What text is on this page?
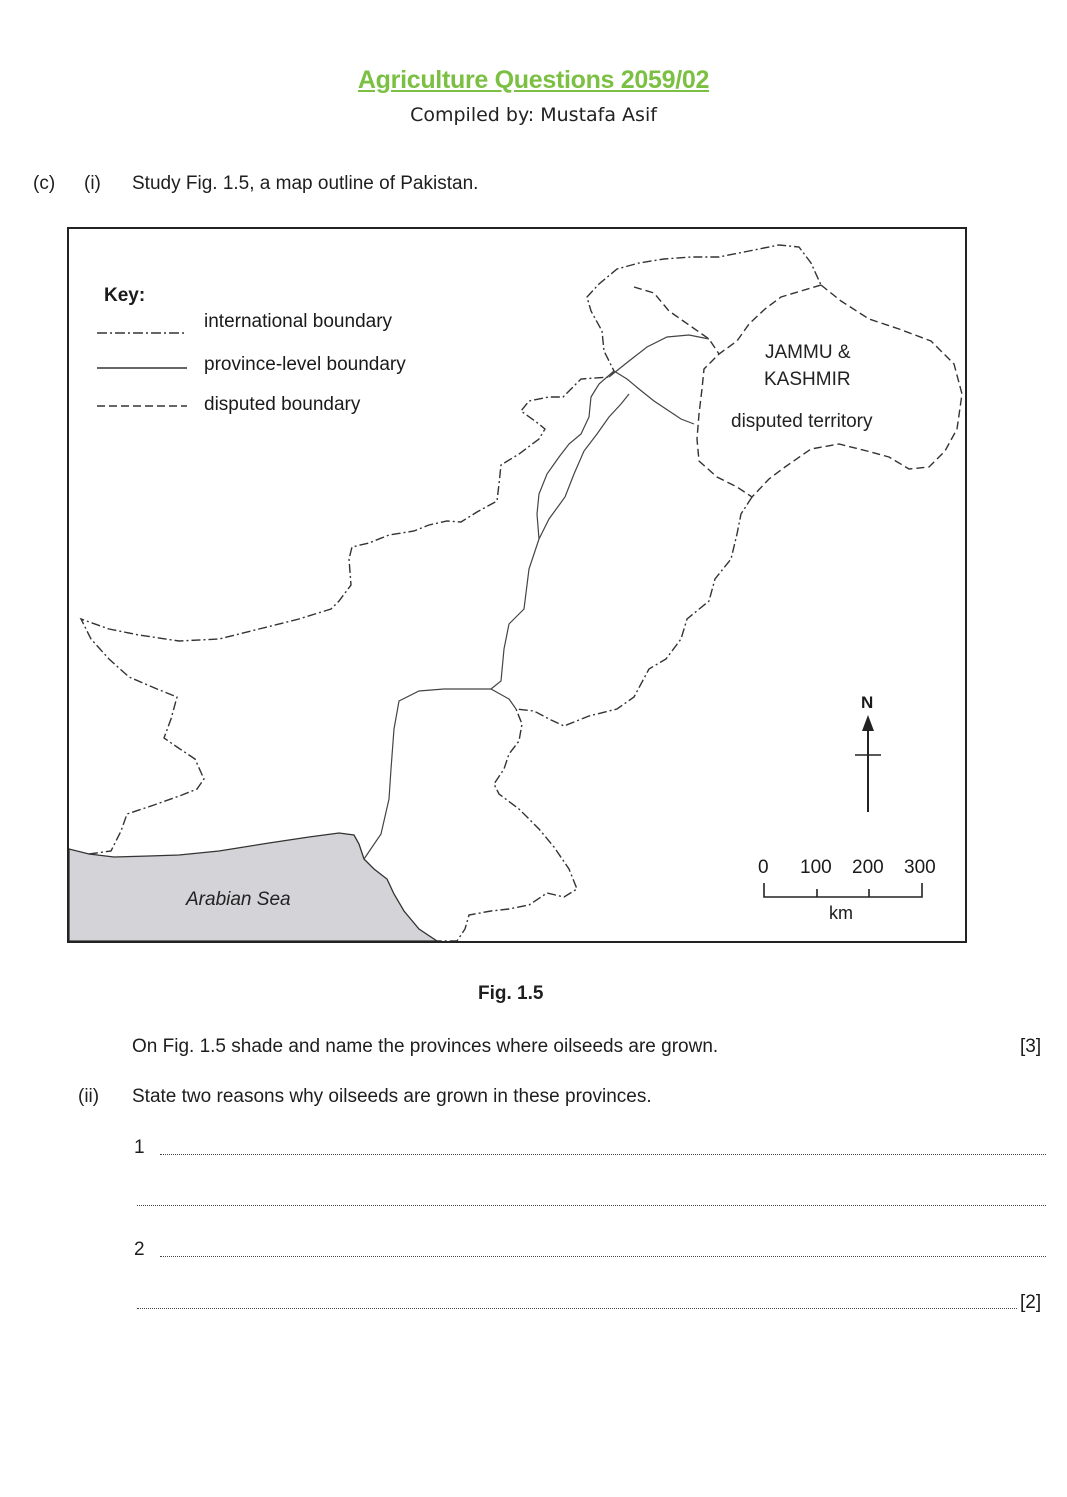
Agriculture Questions 2059/02
Compiled by: Mustafa Asif
(c) (i) Study Fig. 1.5, a map outline of Pakistan.
Key:
international boundary
province-level boundary
disputed boundary
JAMMU &
KASHMIR
disputed territory
Arabian Sea
N
0 100 200 300
km
Fig. 1.5
On Fig. 1.5 shade and name the provinces where oilseeds are grown.	[3]
(ii) State two reasons why oilseeds are grown in these provinces.
1
2
[2]
